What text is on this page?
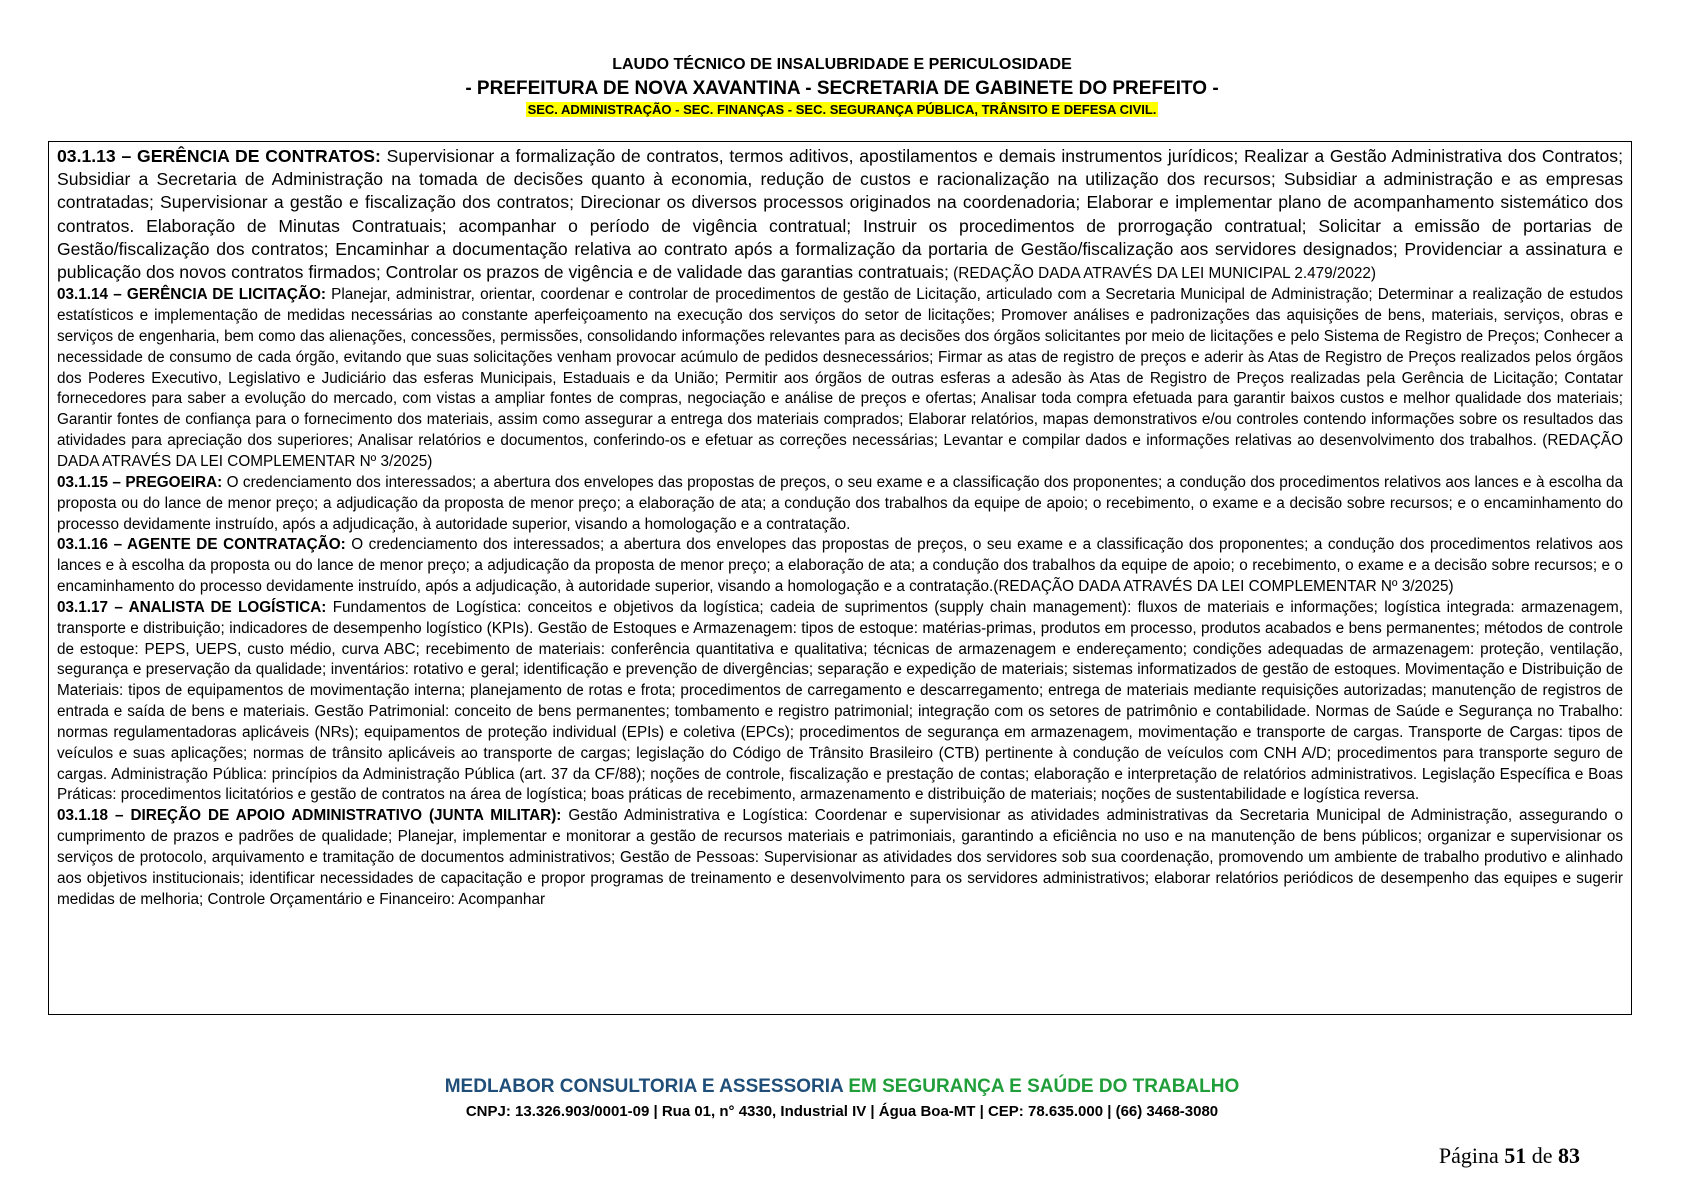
LAUDO TÉCNICO DE INSALUBRIDADE E PERICULOSIDADE
- PREFEITURA DE NOVA XAVANTINA - SECRETARIA DE GABINETE DO PREFEITO -
SEC. ADMINISTRAÇÃO - SEC. FINANÇAS - SEC. SEGURANÇA PÚBLICA, TRÂNSITO E DEFESA CIVIL.

03.1.13 – GERÊNCIA DE CONTRATOS: Supervisionar a formalização de contratos, termos aditivos, apostilamentos e demais instrumentos jurídicos; Realizar a Gestão Administrativa dos Contratos; Subsidiar a Secretaria de Administração na tomada de decisões quanto à economia, redução de custos e racionalização na utilização dos recursos; Subsidiar a administração e as empresas contratadas; Supervisionar a gestão e fiscalização dos contratos; Direcionar os diversos processos originados na coordenadoria; Elaborar e implementar plano de acompanhamento sistemático dos contratos. Elaboração de Minutas Contratuais; acompanhar o período de vigência contratual; Instruir os procedimentos de prorrogação contratual; Solicitar a emissão de portarias de Gestão/fiscalização dos contratos; Encaminhar a documentação relativa ao contrato após a formalização da portaria de Gestão/fiscalização aos servidores designados; Providenciar a assinatura e publicação dos novos contratos firmados; Controlar os prazos de vigência e de validade das garantias contratuais; (REDAÇÃO DADA ATRAVÉS DA LEI MUNICIPAL 2.479/2022)

03.1.14 – GERÊNCIA DE LICITAÇÃO: Planejar, administrar, orientar, coordenar e controlar de procedimentos de gestão de Licitação, articulado com a Secretaria Municipal de Administração; Determinar a realização de estudos estatísticos e implementação de medidas necessárias ao constante aperfeiçoamento na execução dos serviços do setor de licitações; Promover análises e padronizações das aquisições de bens, materiais, serviços, obras e serviços de engenharia, bem como das alienações, concessões, permissões, consolidando informações relevantes para as decisões dos órgãos solicitantes por meio de licitações e pelo Sistema de Registro de Preços; Conhecer a necessidade de consumo de cada órgão, evitando que suas solicitações venham provocar acúmulo de pedidos desnecessários; Firmar as atas de registro de preços e aderir às Atas de Registro de Preços realizados pelos órgãos dos Poderes Executivo, Legislativo e Judiciário das esferas Municipais, Estaduais e da União; Permitir aos órgãos de outras esferas a adesão às Atas de Registro de Preços realizadas pela Gerência de Licitação; Contatar fornecedores para saber a evolução do mercado, com vistas a ampliar fontes de compras, negociação e análise de preços e ofertas; Analisar toda compra efetuada para garantir baixos custos e melhor qualidade dos materiais; Garantir fontes de confiança para o fornecimento dos materiais, assim como assegurar a entrega dos materiais comprados; Elaborar relatórios, mapas demonstrativos e/ou controles contendo informações sobre os resultados das atividades para apreciação dos superiores; Analisar relatórios e documentos, conferindo-os e efetuar as correções necessárias; Levantar e compilar dados e informações relativas ao desenvolvimento dos trabalhos. (REDAÇÃO DADA ATRAVÉS DA LEI COMPLEMENTAR Nº 3/2025)

03.1.15 – PREGOEIRA: O credenciamento dos interessados; a abertura dos envelopes das propostas de preços, o seu exame e a classificação dos proponentes; a condução dos procedimentos relativos aos lances e à escolha da proposta ou do lance de menor preço; a adjudicação da proposta de menor preço; a elaboração de ata; a condução dos trabalhos da equipe de apoio; o recebimento, o exame e a decisão sobre recursos; e o encaminhamento do processo devidamente instruído, após a adjudicação, à autoridade superior, visando a homologação e a contratação.

03.1.16 – AGENTE DE CONTRATAÇÃO: O credenciamento dos interessados; a abertura dos envelopes das propostas de preços, o seu exame e a classificação dos proponentes; a condução dos procedimentos relativos aos lances e à escolha da proposta ou do lance de menor preço; a adjudicação da proposta de menor preço; a elaboração de ata; a condução dos trabalhos da equipe de apoio; o recebimento, o exame e a decisão sobre recursos; e o encaminhamento do processo devidamente instruído, após a adjudicação, à autoridade superior, visando a homologação e a contratação.(REDAÇÃO DADA ATRAVÉS DA LEI COMPLEMENTAR Nº 3/2025)

03.1.17 – ANALISTA DE LOGÍSTICA: Fundamentos de Logística: conceitos e objetivos da logística; cadeia de suprimentos (supply chain management): fluxos de materiais e informações; logística integrada: armazenagem, transporte e distribuição; indicadores de desempenho logístico (KPIs). Gestão de Estoques e Armazenagem: tipos de estoque: matérias-primas, produtos em processo, produtos acabados e bens permanentes; métodos de controle de estoque: PEPS, UEPS, custo médio, curva ABC; recebimento de materiais: conferência quantitativa e qualitativa; técnicas de armazenagem e endereçamento; condições adequadas de armazenagem: proteção, ventilação, segurança e preservação da qualidade; inventários: rotativo e geral; identificação e prevenção de divergências; separação e expedição de materiais; sistemas informatizados de gestão de estoques. Movimentação e Distribuição de Materiais: tipos de equipamentos de movimentação interna; planejamento de rotas e frota; procedimentos de carregamento e descarregamento; entrega de materiais mediante requisições autorizadas; manutenção de registros de entrada e saída de bens e materiais. Gestão Patrimonial: conceito de bens permanentes; tombamento e registro patrimonial; integração com os setores de patrimônio e contabilidade. Normas de Saúde e Segurança no Trabalho: normas regulamentadoras aplicáveis (NRs); equipamentos de proteção individual (EPIs) e coletiva (EPCs); procedimentos de segurança em armazenagem, movimentação e transporte de cargas. Transporte de Cargas: tipos de veículos e suas aplicações; normas de trânsito aplicáveis ao transporte de cargas; legislação do Código de Trânsito Brasileiro (CTB) pertinente à condução de veículos com CNH A/D; procedimentos para transporte seguro de cargas. Administração Pública: princípios da Administração Pública (art. 37 da CF/88); noções de controle, fiscalização e prestação de contas; elaboração e interpretação de relatórios administrativos. Legislação Específica e Boas Práticas: procedimentos licitatórios e gestão de contratos na área de logística; boas práticas de recebimento, armazenamento e distribuição de materiais; noções de sustentabilidade e logística reversa.

03.1.18 – DIREÇÃO DE APOIO ADMINISTRATIVO (JUNTA MILITAR): Gestão Administrativa e Logística: Coordenar e supervisionar as atividades administrativas da Secretaria Municipal de Administração, assegurando o cumprimento de prazos e padrões de qualidade; Planejar, implementar e monitorar a gestão de recursos materiais e patrimoniais, garantindo a eficiência no uso e na manutenção de bens públicos; organizar e supervisionar os serviços de protocolo, arquivamento e tramitação de documentos administrativos; Gestão de Pessoas: Supervisionar as atividades dos servidores sob sua coordenação, promovendo um ambiente de trabalho produtivo e alinhado aos objetivos institucionais; identificar necessidades de capacitação e propor programas de treinamento e desenvolvimento para os servidores administrativos; elaborar relatórios periódicos de desempenho das equipes e sugerir medidas de melhoria; Controle Orçamentário e Financeiro: Acompanhar

MEDLABOR CONSULTORIA E ASSESSORIA EM SEGURANÇA E SAÚDE DO TRABALHO
CNPJ: 13.326.903/0001-09 | Rua 01, n° 4330, Industrial IV | Água Boa-MT | CEP: 78.635.000 | (66) 3468-3080
Página 51 de 83
